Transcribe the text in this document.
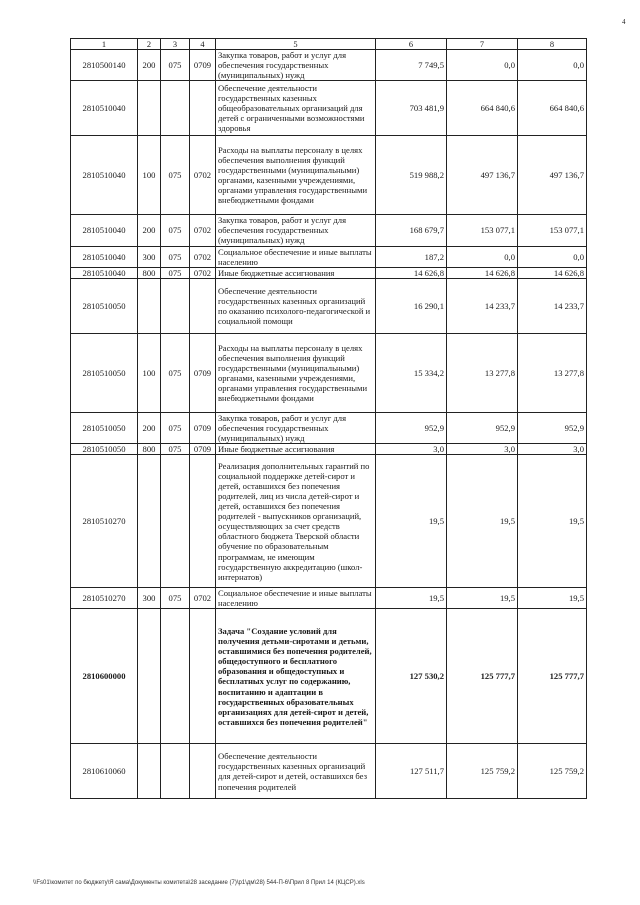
4
1	2	3	4	5	6	7	8
2810500140	200	075	0709	Закупка товаров, работ и услуг для обеспечения государственных (муниципальных) нужд	7 749,5	0,0	0,0
2810510040				Обеспечение деятельности государственных казенных общеобразовательных организаций для детей с ограниченными возможностями здоровья	703 481,9	664 840,6	664 840,6
2810510040	100	075	0702	Расходы на выплаты персоналу в целях обеспечения выполнения функций государственными (муниципальными) органами, казенными учреждениями, органами управления государственными внебюджетными фондами	519 988,2	497 136,7	497 136,7
2810510040	200	075	0702	Закупка товаров, работ и услуг для обеспечения государственных (муниципальных) нужд	168 679,7	153 077,1	153 077,1
2810510040	300	075	0702	Социальное обеспечение и иные выплаты населению	187,2	0,0	0,0
2810510040	800	075	0702	Иные бюджетные ассигнования	14 626,8	14 626,8	14 626,8
2810510050				Обеспечение деятельности государственных казенных организаций по оказанию психолого-педагогической и социальной помощи	16 290,1	14 233,7	14 233,7
2810510050	100	075	0709	Расходы на выплаты персоналу в целях обеспечения выполнения функций государственными (муниципальными) органами, казенными учреждениями, органами управления государственными внебюджетными фондами	15 334,2	13 277,8	13 277,8
2810510050	200	075	0709	Закупка товаров, работ и услуг для обеспечения государственных (муниципальных) нужд	952,9	952,9	952,9
2810510050	800	075	0709	Иные бюджетные ассигнования	3,0	3,0	3,0
2810510270				Реализация дополнительных гарантий по социальной поддержке детей-сирот и детей, оставшихся без попечения родителей, лиц из числа детей-сирот и детей, оставшихся без попечения родителей - выпускников организаций, осуществляющих за счет средств областного бюджета Тверской области обучение по образовательным программам, не имеющим государственную аккредитацию (школ-интернатов)	19,5	19,5	19,5
2810510270	300	075	0702	Социальное обеспечение и иные выплаты населению	19,5	19,5	19,5
2810600000				Задача "Создание условий для получения детьми-сиротами и детьми, оставшимися без попечения родителей, общедоступного и бесплатного образования и общедоступных и бесплатных услуг по содержанию, воспитанию и адаптации в государственных образовательных организациях для детей-сирот и детей, оставшихся без попечения родителей"	127 530,2	125 777,7	125 777,7
2810610060				Обеспечение деятельности государственных казенных организаций для детей-сирот и детей, оставшихся без попечения родителей	127 511,7	125 759,2	125 759,2
\\Fs01\комитет по бюджету\Я сама\Документы комитета\28 заседание (7)\р1\дм\28) 544-П-6\Прил 8 Прил 14 (КЦСР).xls
